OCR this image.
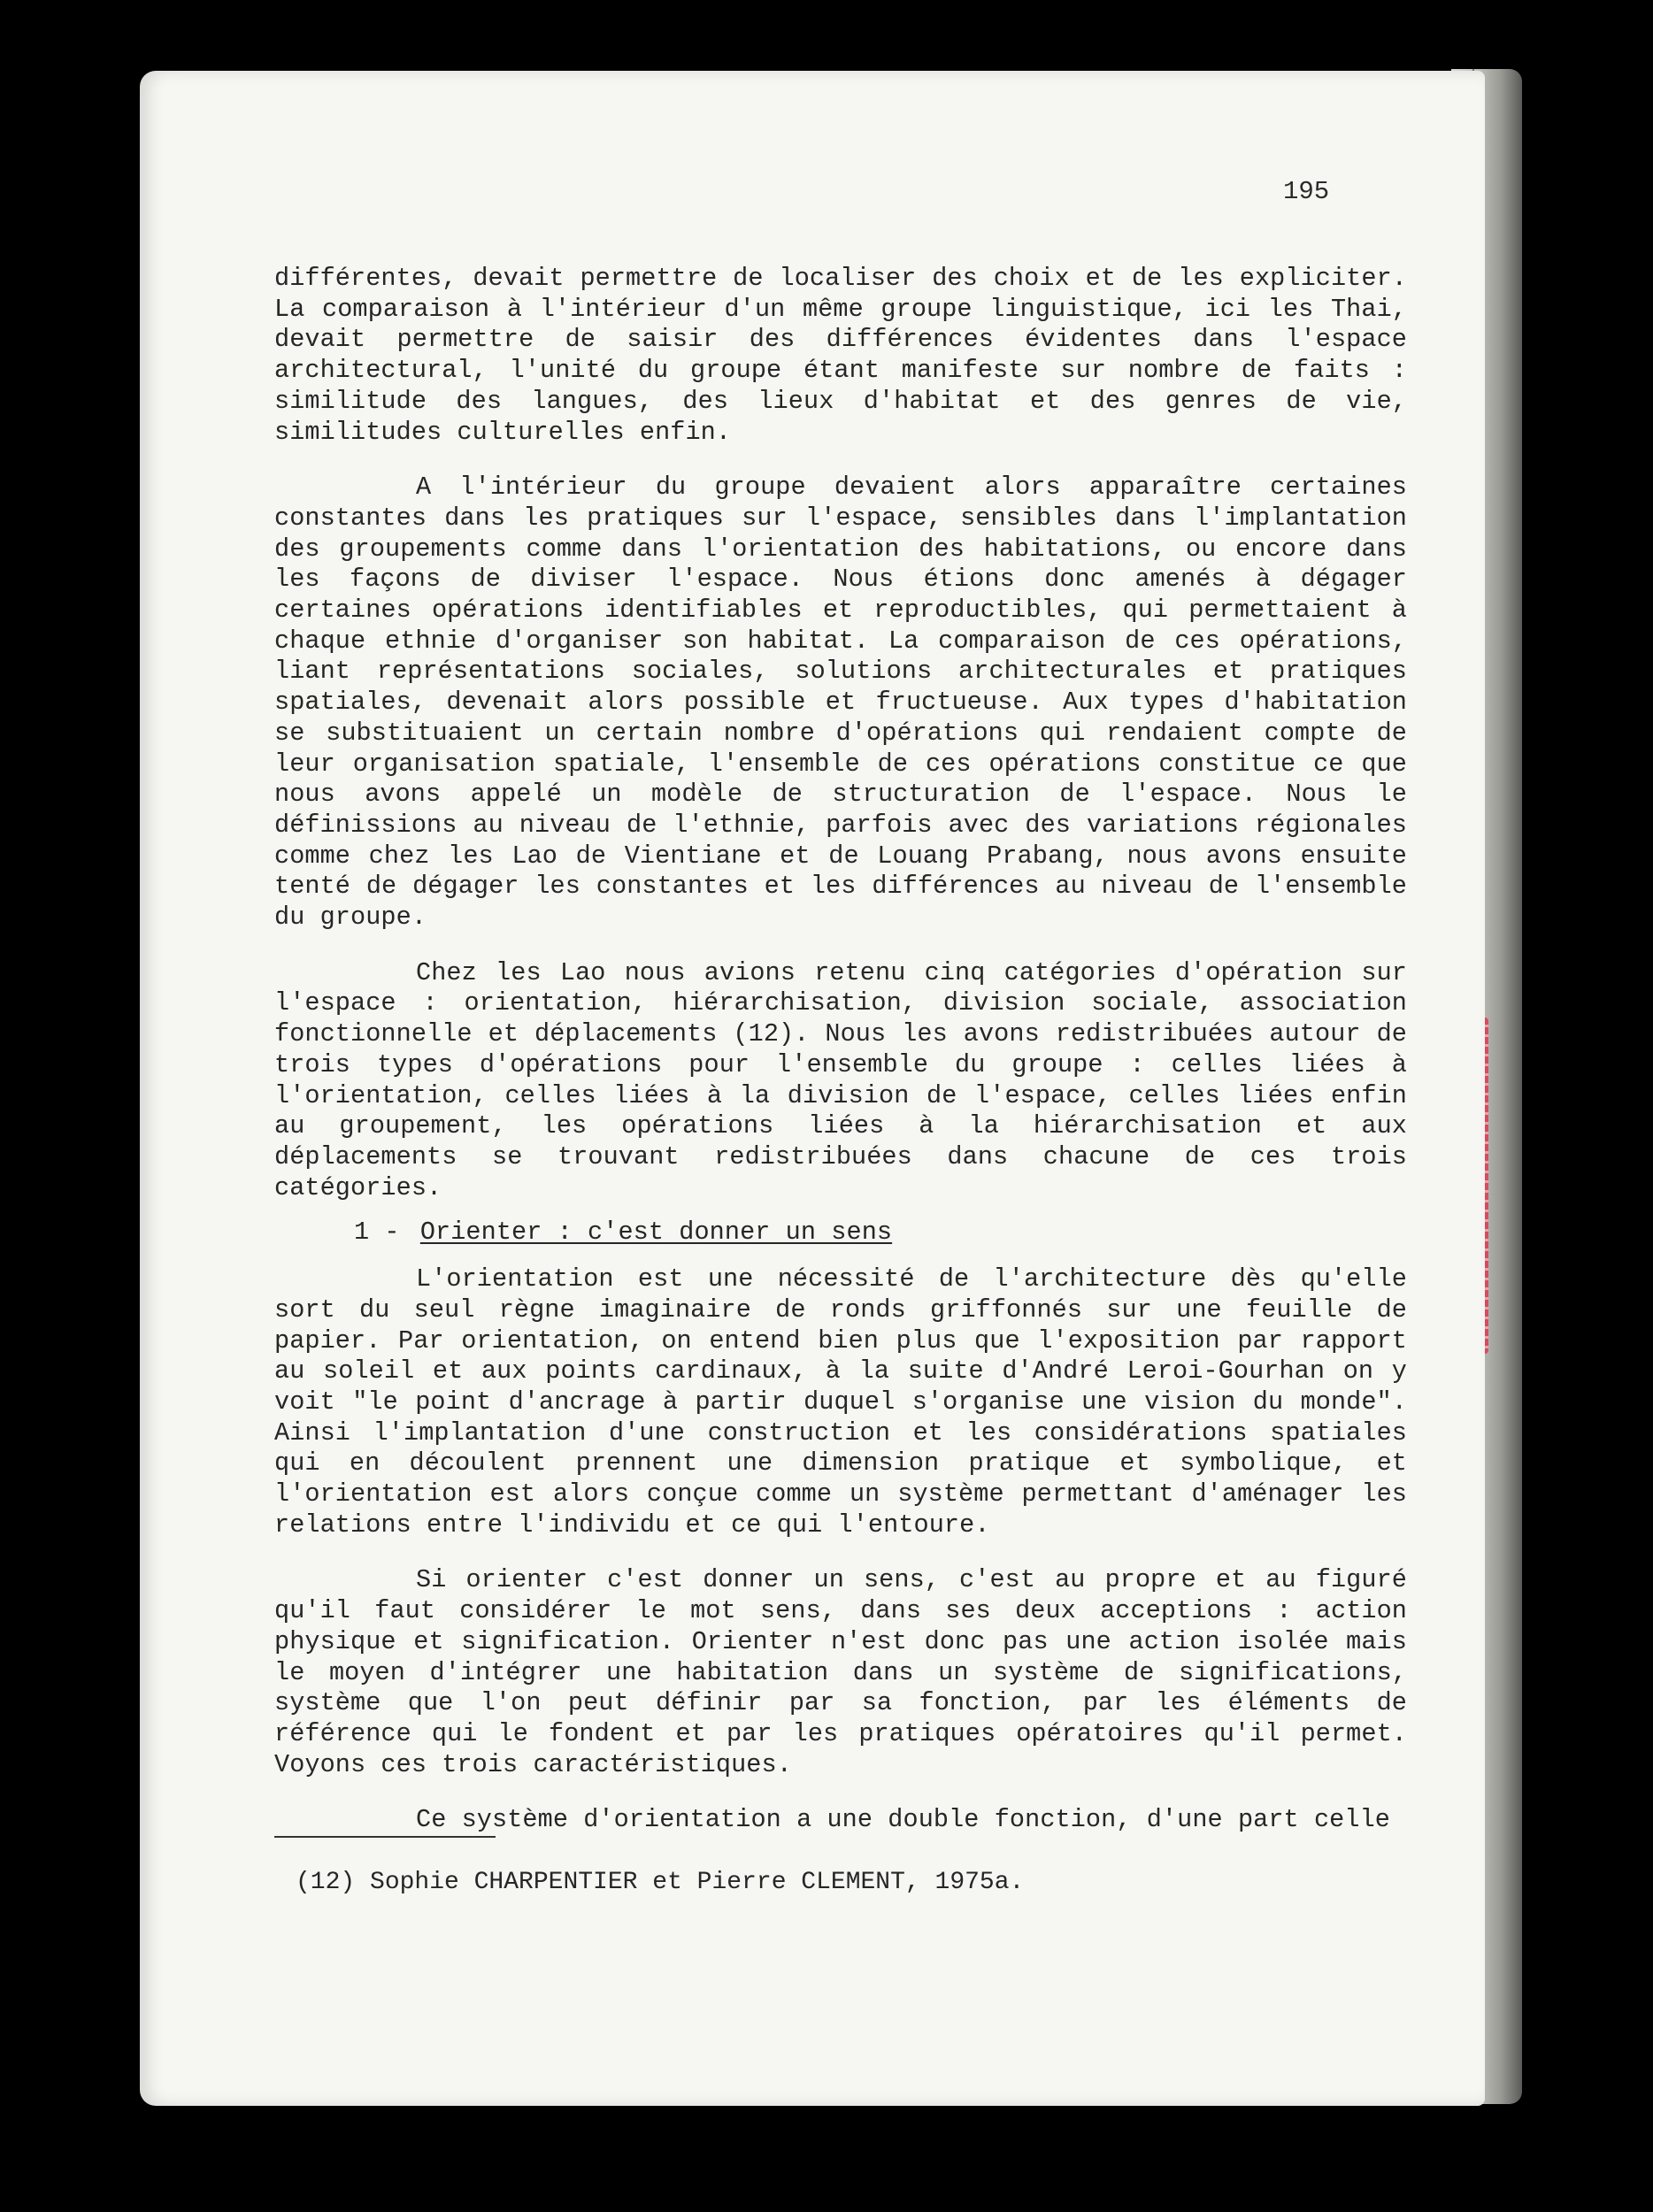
195

différentes, devait permettre de localiser des choix et de les expliciter. La comparaison à l'intérieur d'un même groupe linguistique, ici les Thai, devait permettre de saisir des différences évidentes dans l'espace architectural, l'unité du groupe étant manifeste sur nombre de faits : similitude des langues, des lieux d'habitat et des genres de vie, similitudes culturelles enfin.

A l'intérieur du groupe devaient alors apparaître certaines constantes dans les pratiques sur l'espace, sensibles dans l'implantation des groupements comme dans l'orientation des habitations, ou encore dans les façons de diviser l'espace. Nous étions donc amenés à dégager certaines opérations identifiables et reproductibles, qui permettaient à chaque ethnie d'organiser son habitat. La comparaison de ces opérations, liant représentations sociales, solutions architecturales et pratiques spatiales, devenait alors possible et fructueuse. Aux types d'habitation se substituaient un certain nombre d'opérations qui rendaient compte de leur organisation spatiale, l'ensemble de ces opérations constitue ce que nous avons appelé un modèle de structuration de l'espace. Nous le définissions au niveau de l'ethnie, parfois avec des variations régionales comme chez les Lao de Vientiane et de Louang Prabang, nous avons ensuite tenté de dégager les constantes et les différences au niveau de l'ensemble du groupe.

Chez les Lao nous avions retenu cinq catégories d'opération sur l'espace : orientation, hiérarchisation, division sociale, association fonctionnelle et déplacements (12). Nous les avons redistribuées autour de trois types d'opérations pour l'ensemble du groupe : celles liées à l'orientation, celles liées à la division de l'espace, celles liées enfin au groupement, les opérations liées à la hiérarchisation et aux déplacements se trouvant redistribuées dans chacune de ces trois catégories.

1 - Orienter : c'est donner un sens

L'orientation est une nécessité de l'architecture dès qu'elle sort du seul règne imaginaire de ronds griffonnés sur une feuille de papier. Par orientation, on entend bien plus que l'exposition par rapport au soleil et aux points cardinaux, à la suite d'André Leroi-Gourhan on y voit "le point d'ancrage à partir duquel s'organise une vision du monde". Ainsi l'implantation d'une construction et les considérations spatiales qui en découlent prennent une dimension pratique et symbolique, et l'orientation est alors conçue comme un système permettant d'aménager les relations entre l'individu et ce qui l'entoure.

Si orienter c'est donner un sens, c'est au propre et au figuré qu'il faut considérer le mot sens, dans ses deux acceptions : action physique et signification. Orienter n'est donc pas une action isolée mais le moyen d'intégrer une habitation dans un système de significations, système que l'on peut définir par sa fonction, par les éléments de référence qui le fondent et par les pratiques opératoires qu'il permet. Voyons ces trois caractéristiques.

Ce système d'orientation a une double fonction, d'une part celle

(12) Sophie CHARPENTIER et Pierre CLEMENT, 1975a.
